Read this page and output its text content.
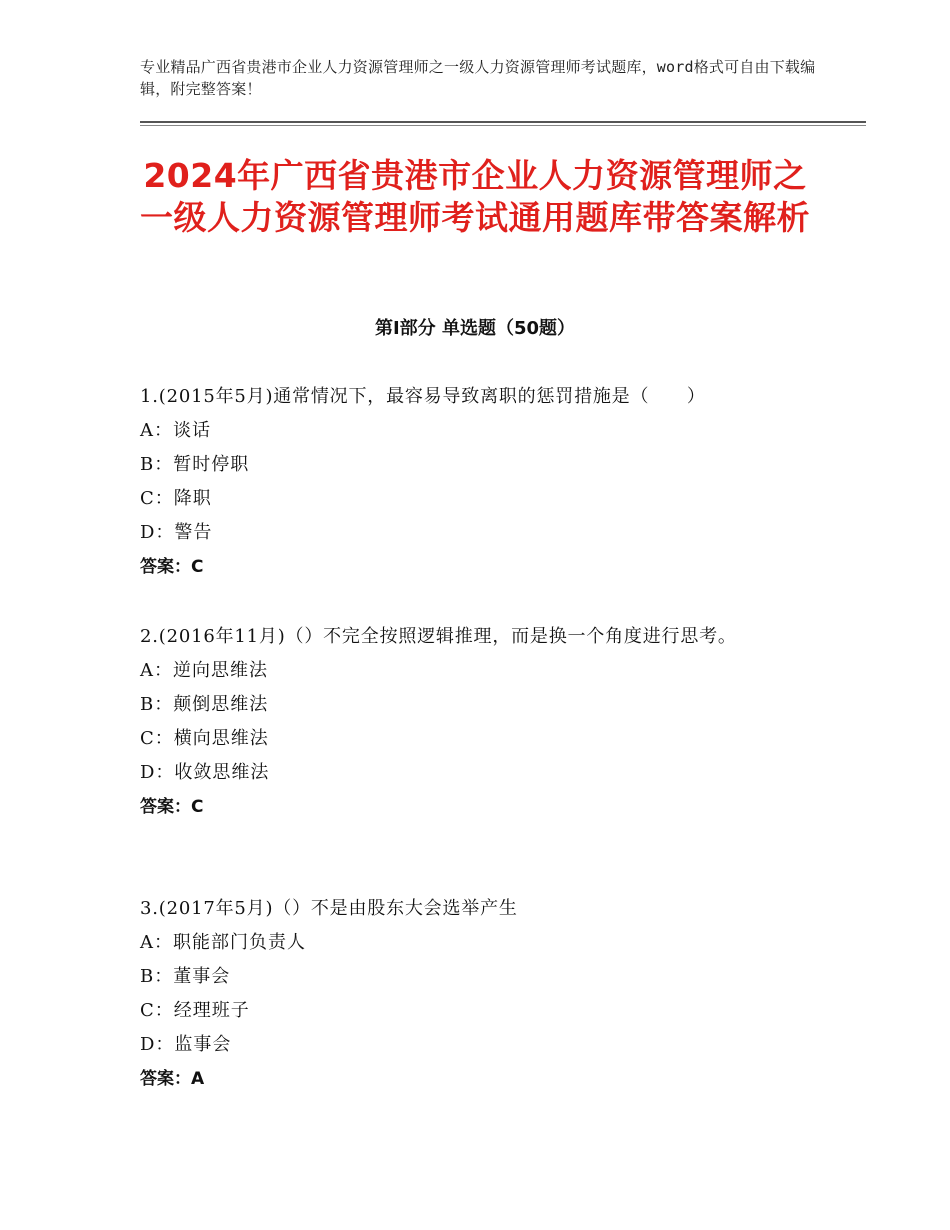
专业精品广西省贵港市企业人力资源管理师之一级人力资源管理师考试题库，word格式可自由下载编辑，附完整答案！
2024年广西省贵港市企业人力资源管理师之一级人力资源管理师考试通用题库带答案解析
第Ⅰ部分 单选题（50题）

1.(2015年5月)通常情况下，最容易导致离职的惩罚措施是（　　）

A：谈话

B：暂时停职

C：降职

D：警告

答案：C

2.(2016年11月)（）不完全按照逻辑推理，而是换一个角度进行思考。

A：逆向思维法

B：颠倒思维法

C：横向思维法

D：收敛思维法

答案：C

3.(2017年5月)（）不是由股东大会选举产生

A：职能部门负责人

B：董事会

C：经理班子

D：监事会

答案：A
